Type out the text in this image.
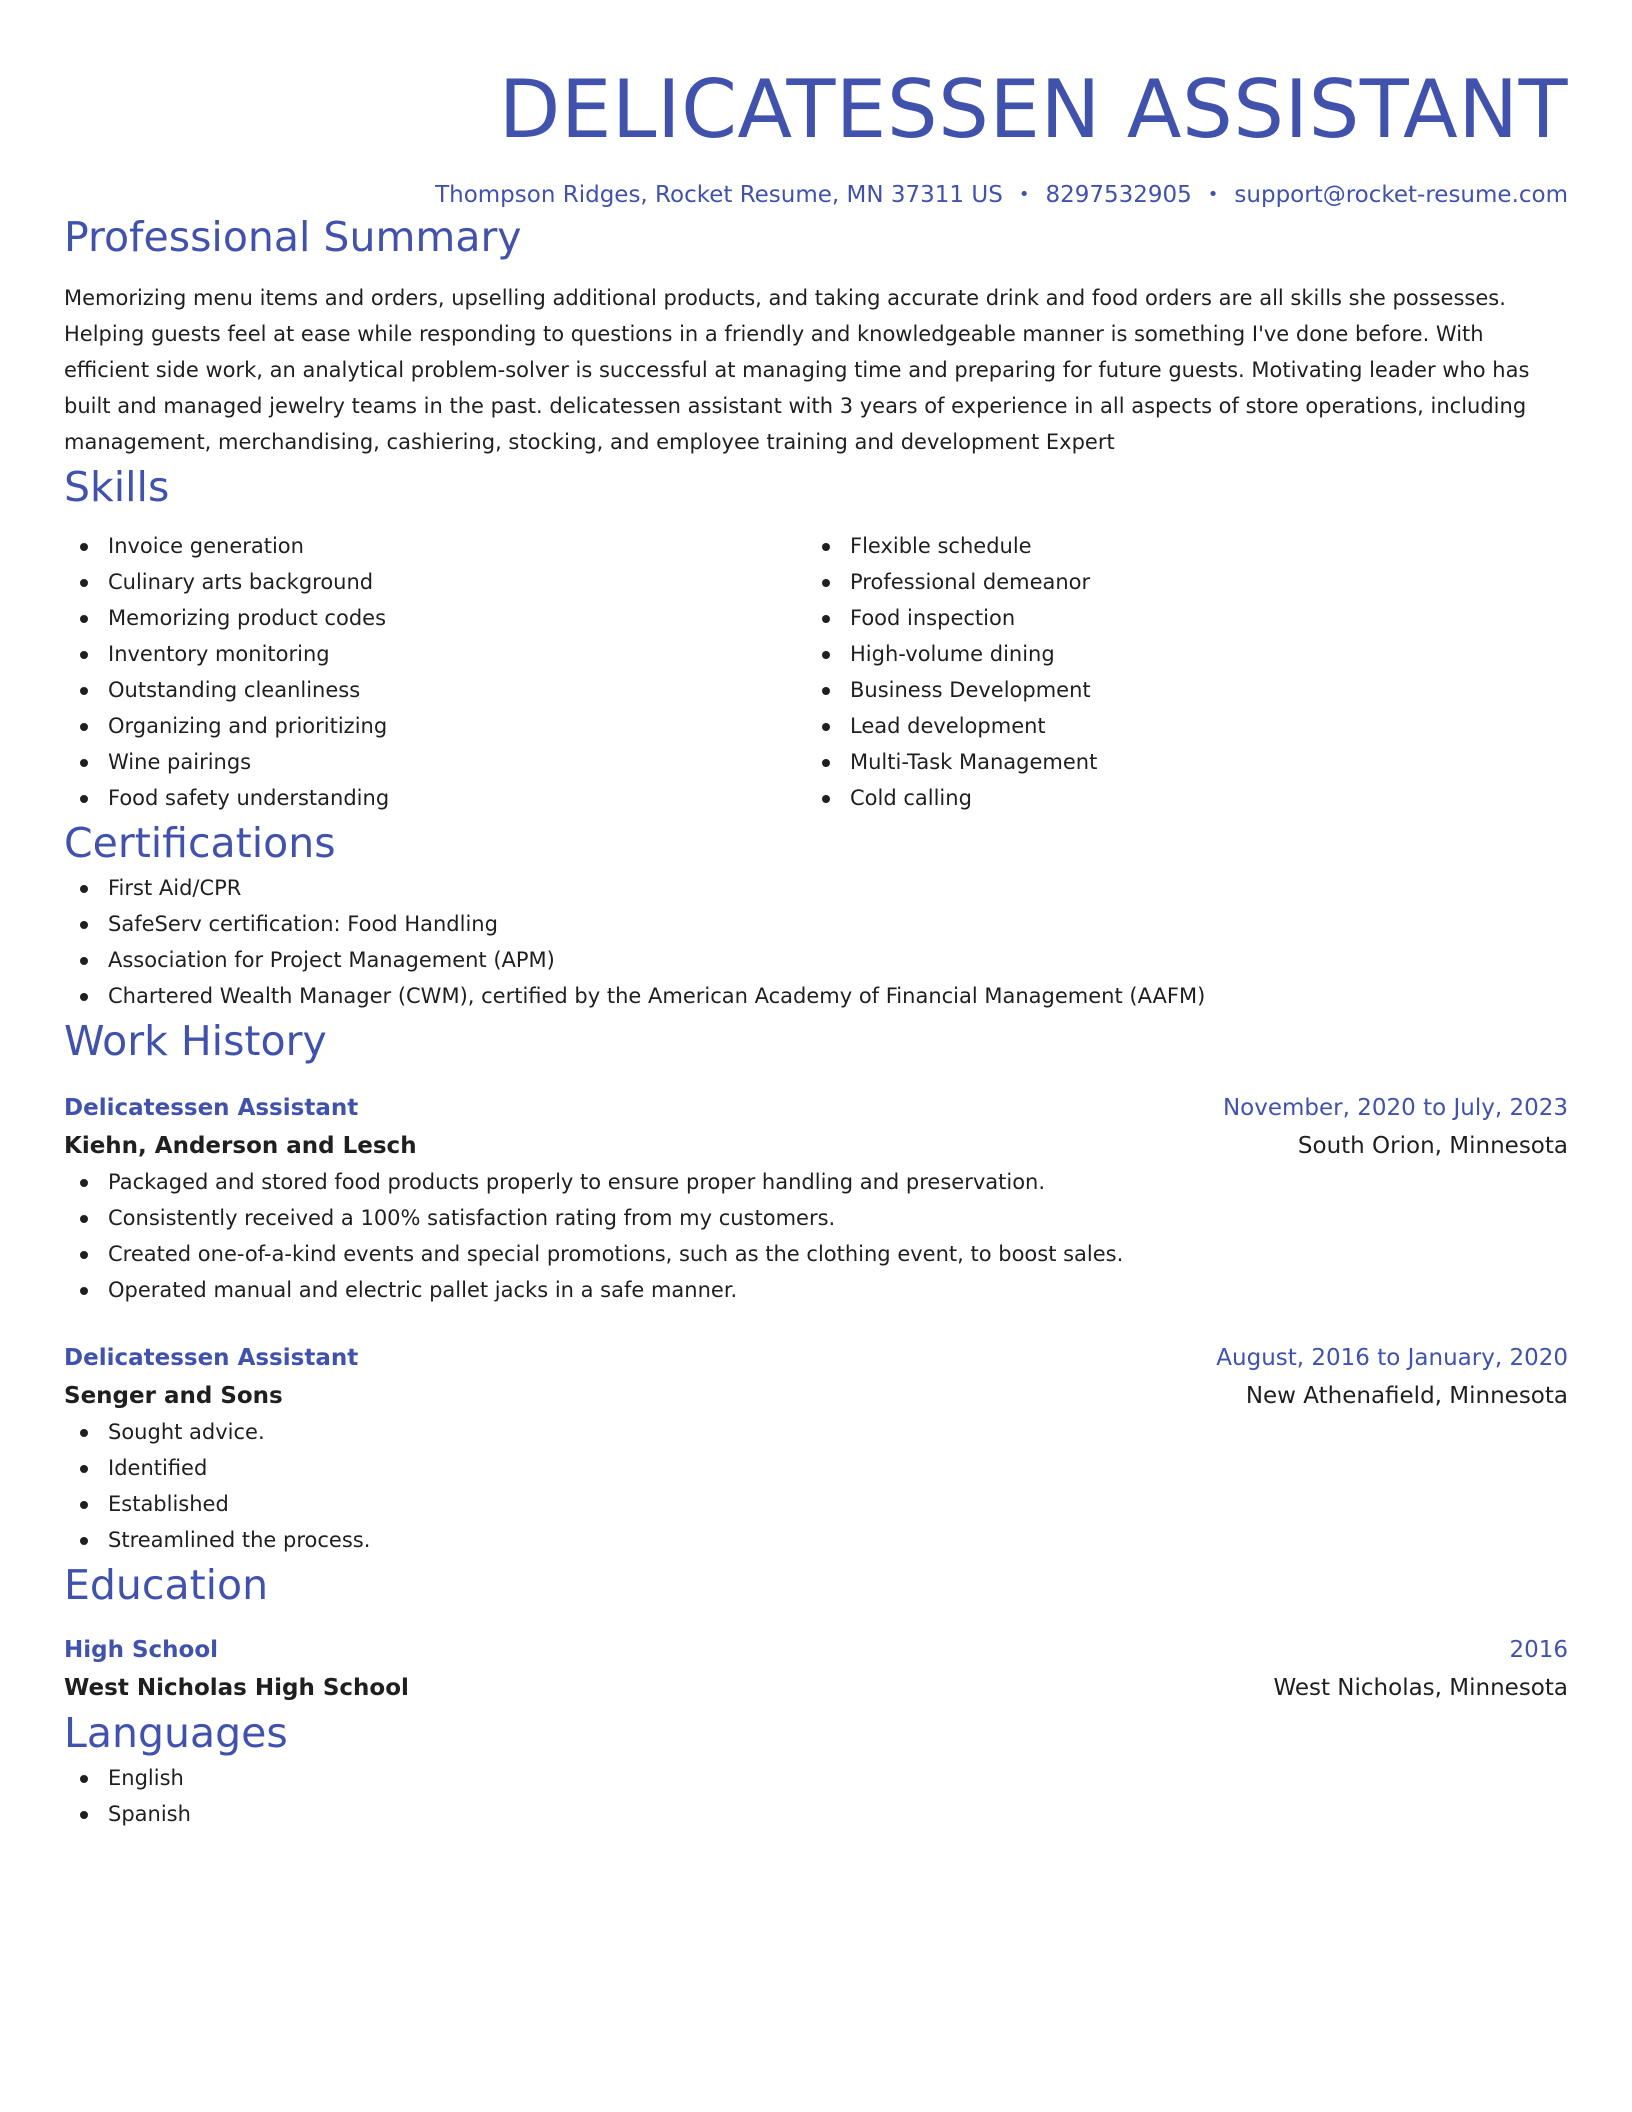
DELICATESSEN ASSISTANT
Thompson Ridges, Rocket Resume, MN 37311 US • 8297532905 • support@rocket-resume.com
Professional Summary
Memorizing menu items and orders, upselling additional products, and taking accurate drink and food orders are all skills she possesses. Helping guests feel at ease while responding to questions in a friendly and knowledgeable manner is something I've done before. With efficient side work, an analytical problem-solver is successful at managing time and preparing for future guests. Motivating leader who has built and managed jewelry teams in the past. delicatessen assistant with 3 years of experience in all aspects of store operations, including management, merchandising, cashiering, stocking, and employee training and development Expert
Skills
Invoice generation
Culinary arts background
Memorizing product codes
Inventory monitoring
Outstanding cleanliness
Organizing and prioritizing
Wine pairings
Food safety understanding
Flexible schedule
Professional demeanor
Food inspection
High-volume dining
Business Development
Lead development
Multi-Task Management
Cold calling
Certifications
First Aid/CPR
SafeServ certification: Food Handling
Association for Project Management (APM)
Chartered Wealth Manager (CWM), certified by the American Academy of Financial Management (AAFM)
Work History
Delicatessen Assistant	November, 2020 to July, 2023
Kiehn, Anderson and Lesch	South Orion, Minnesota
Packaged and stored food products properly to ensure proper handling and preservation.
Consistently received a 100% satisfaction rating from my customers.
Created one-of-a-kind events and special promotions, such as the clothing event, to boost sales.
Operated manual and electric pallet jacks in a safe manner.
Delicatessen Assistant	August, 2016 to January, 2020
Senger and Sons	New Athenafield, Minnesota
Sought advice.
Identified
Established
Streamlined the process.
Education
High School	2016
West Nicholas High School	West Nicholas, Minnesota
Languages
English
Spanish
